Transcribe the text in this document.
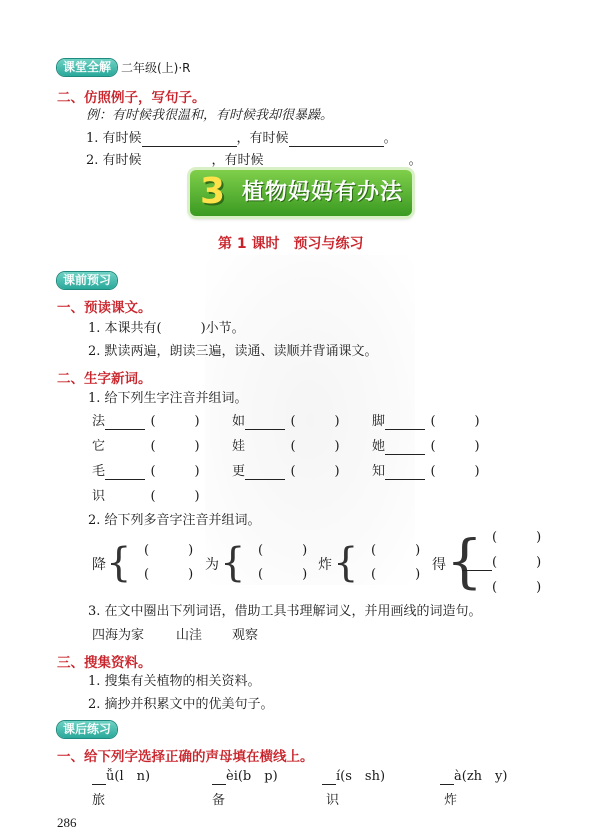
课堂全解 二年级(上)·R
二、仿照例子，写句子。
例：有时候我很温和，有时候我却很暴躁。
1. 有时候	，有时候	。
2. 有时候	，有时候	。
3 植物妈妈有办法
第 1 课时　预习与练习
课前预习
一、预读课文。
1. 本课共有(　　　)小节。
2. 默读两遍，朗读三遍，读通、读顺并背诵课文。
二、生字新词。
1. 给下列生字注音并组词。
法	(　　　)	如	(　　　)	脚	(　　　)
它	(　　　)	娃	(　　　)	她	(　　　)
毛	(　　　)	更	(　　　)	知	(　　　)
识	(　　　)
2. 给下列多音字注音并组词。
降 { (　　　)
(　　　)
为 { (　　　)
(　　　)
炸 { (　　　)
(　　　)
得 { (　　　)
(　　　)
(　　　)
3. 在文中圈出下列词语，借助工具书理解词义，并用画线的词造句。
四海为家 山洼 观察
三、搜集资料。
1. 搜集有关植物的相关资料。
2. 摘抄并积累文中的优美句子。
课后练习
一、给下列字选择正确的声母填在横线上。
ǚ(l　n)	èi(b　p)	í(s　sh)	à(zh　y)
旅	备	识	炸
286
